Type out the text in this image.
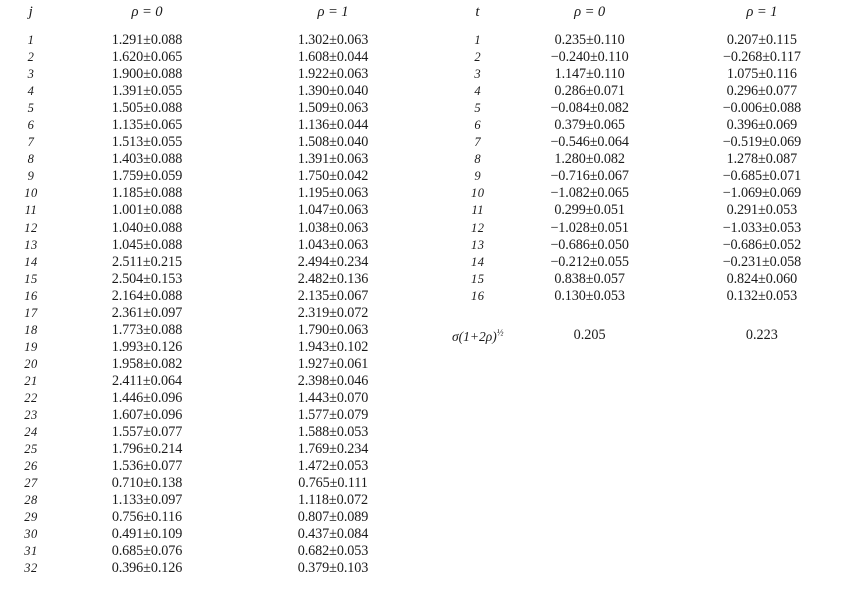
j	ρ = 0	ρ = 1
1	1.291±0.088	1.302±0.063
2	1.620±0.065	1.608±0.044
3	1.900±0.088	1.922±0.063
4	1.391±0.055	1.390±0.040
5	1.505±0.088	1.509±0.063
6	1.135±0.065	1.136±0.044
7	1.513±0.055	1.508±0.040
8	1.403±0.088	1.391±0.063
9	1.759±0.059	1.750±0.042
10	1.185±0.088	1.195±0.063
11	1.001±0.088	1.047±0.063
12	1.040±0.088	1.038±0.063
13	1.045±0.088	1.043±0.063
14	2.511±0.215	2.494±0.234
15	2.504±0.153	2.482±0.136
16	2.164±0.088	2.135±0.067
17	2.361±0.097	2.319±0.072
18	1.773±0.088	1.790±0.063
19	1.993±0.126	1.943±0.102
20	1.958±0.082	1.927±0.061
21	2.411±0.064	2.398±0.046
22	1.446±0.096	1.443±0.070
23	1.607±0.096	1.577±0.079
24	1.557±0.077	1.588±0.053
25	1.796±0.214	1.769±0.234
26	1.536±0.077	1.472±0.053
27	0.710±0.138	0.765±0.111
28	1.133±0.097	1.118±0.072
29	0.756±0.116	0.807±0.089
30	0.491±0.109	0.437±0.084
31	0.685±0.076	0.682±0.053
32	0.396±0.126	0.379±0.103
t	ρ = 0	ρ = 1
1	0.235±0.110	0.207±0.115
2	−0.240±0.110	−0.268±0.117
3	1.147±0.110	1.075±0.116
4	0.286±0.071	0.296±0.077
5	−0.084±0.082	−0.006±0.088
6	0.379±0.065	0.396±0.069
7	−0.546±0.064	−0.519±0.069
8	1.280±0.082	1.278±0.087
9	−0.716±0.067	−0.685±0.071
10	−1.082±0.065	−1.069±0.069
11	0.299±0.051	0.291±0.053
12	−1.028±0.051	−1.033±0.053
13	−0.686±0.050	−0.686±0.052
14	−0.212±0.055	−0.231±0.058
15	0.838±0.057	0.824±0.060
16	0.130±0.053	0.132±0.053

$\sigma(1+2\rho)^{\frac{1}{2}}$	0.205	0.223
